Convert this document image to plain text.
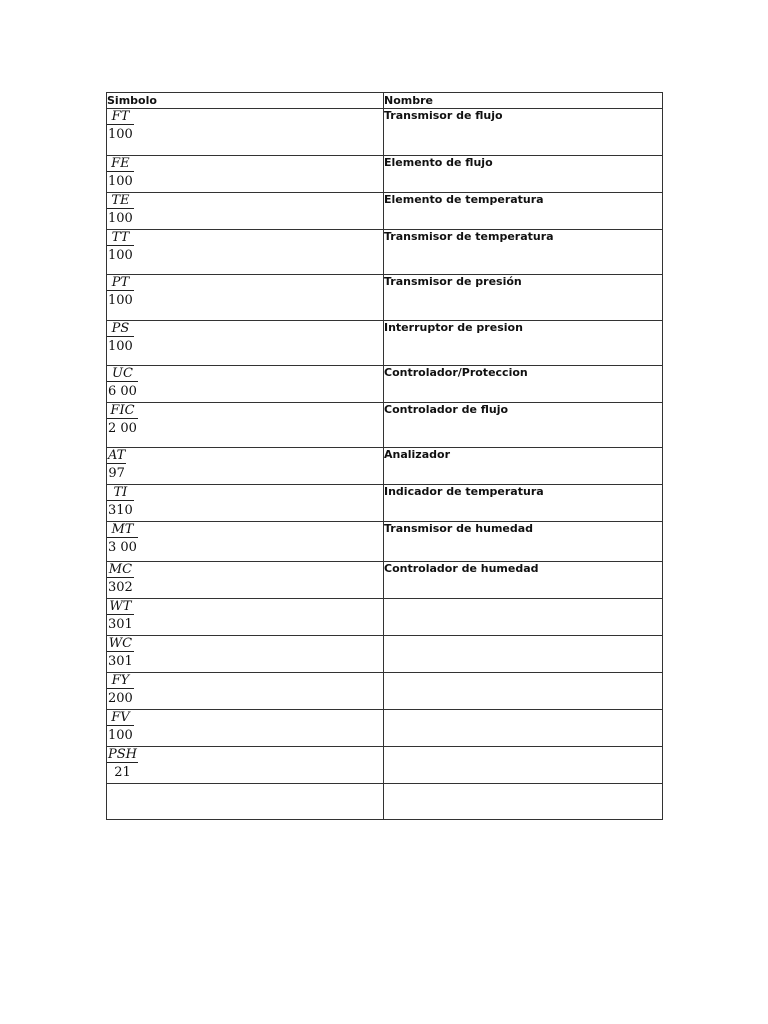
Simbolo	Nombre

$\frac{FT}{100}$	Transmisor de flujo

$\frac{FE}{100}$	Elemento de flujo

$\frac{TE}{100}$	Elemento de temperatura

$\frac{TT}{100}$	Transmisor de temperatura

$\frac{PT}{100}$	Transmisor de presión

$\frac{PS}{100}$	Interruptor de presion

$\frac{UC}{6 00}$	Controlador/Proteccion

$\frac{\text{FIC}}{2 00}$	Controlador de flujo

$\frac{AT}{97}$	Analizador

$\frac{TI}{310}$	Indicador de temperatura

$\frac{MT}{3 00}$	Transmisor de humedad

$\frac{MC}{302}$	Controlador de humedad

$\frac{WT}{301}$

$\frac{WC}{301}$

$\frac{FY}{200}$

$\frac{FV}{100}$

$\frac{\text{PSH}}{21}$
